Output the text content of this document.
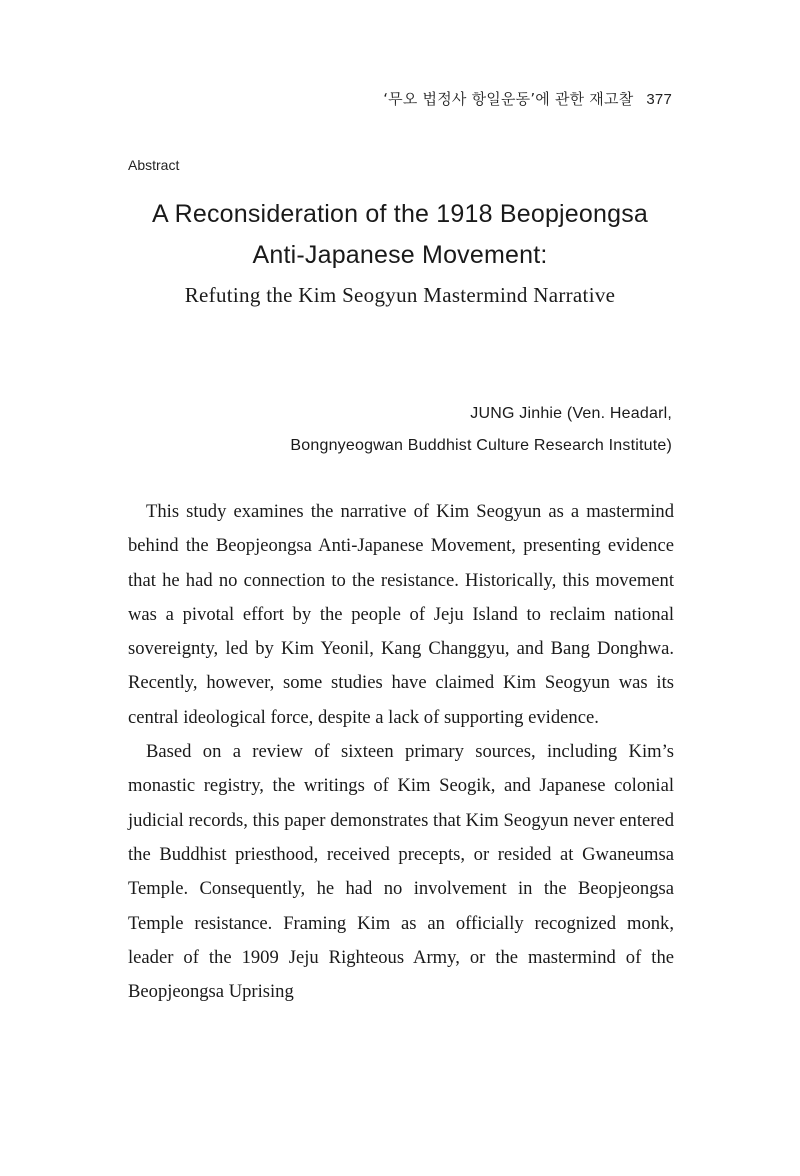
‘무오 법정사 항일운동’에 관한 재고찰 377
Abstract
A Reconsideration of the 1918 Beopjeongsa
Anti-Japanese Movement:
Refuting the Kim Seogyun Mastermind Narrative
JUNG Jinhie (Ven. Headarl,
Bongnyeogwan Buddhist Culture Research Institute)

This study examines the narrative of Kim Seogyun as a mastermind behind the Beopjeongsa Anti-Japanese Movement, presenting evidence that he had no connection to the resistance. Historically, this movement was a pivotal effort by the people of Jeju Island to reclaim national sovereignty, led by Kim Yeonil, Kang Changgyu, and Bang Donghwa. Recently, however, some studies have claimed Kim Seogyun was its central ideological force, despite a lack of supporting evidence.

Based on a review of sixteen primary sources, including Kim’s monastic registry, the writings of Kim Seogik, and Japanese colonial judicial records, this paper demonstrates that Kim Seogyun never entered the Buddhist priesthood, received precepts, or resided at Gwaneumsa Temple. Consequently, he had no involvement in the Beopjeongsa Temple resistance. Framing Kim as an officially recognized monk, leader of the 1909 Jeju Righteous Army, or the mastermind of the Beopjeongsa Uprising
